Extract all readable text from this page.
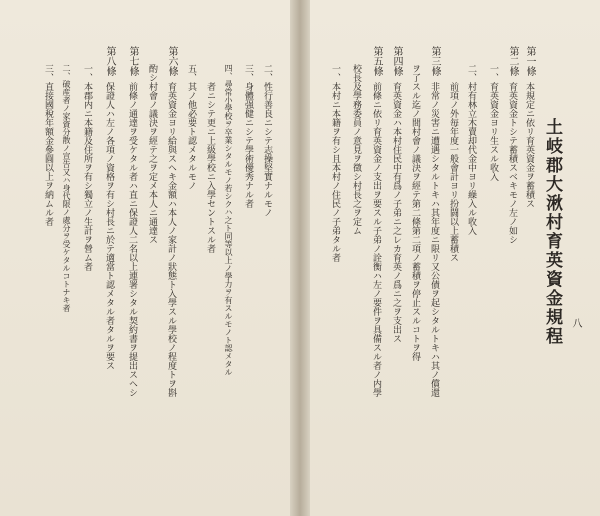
八
土岐郡大湫村育英資金規程
第一條
本規定ニ依リ育英資金ヲ蓄積ス
第二條
育英資金トシテ蓄積スベキモノ左ノ如シ
一、育英資金ヨリ生スル收入
二、村有林立木賣却代金中ヨリ繰入ル收入
前項ノ外毎年度一般會計ヨリ扮闘以上蓄積ス
第三條
非常ノ災害ニ遭遇シタルトキハ其年度ニ限リ又公債ヲ起シタルトキハ其ノ償還
ヲ了スル迄ノ間村會ノ議決ヲ經テ第二條第二項ノ蓄積ヲ停止スルコトヲ得
第四條
育英資金ハ本村住民中有爲ノ子弟ニ之レカ育英ノ爲ニ之ヲ支出ス
第五條
前條ニ依リ育英資金ノ支出ヲ要スル子弟ノ詮衡ハ左ノ要件ヲ具備スル者ノ内學
校長及學務委員ノ意見ヲ徴シ村長之ヲ定ム
一、本村ニ本籍ヲ有シ且本村ノ住民ノ子弟タル者
二、性行善良ニシテ志操堅實ナルモノ
三、身體强健ニシテ學術優秀ナル者
四、尋常小學校ヲ卒業シタルモノ若シクハ之ト同等以上ノ學力ヲ有スルモノト認メタル
者ニシテ更ニ上級學校ニ入學セントスル者
五、其ノ他必要ト認メタルモノ
第六條
育英資金ヨリ給與スヘキ金額ハ本人ノ家計ノ狀態ト入學スル學校ノ程度トヲ斟
酌シ村會ノ議決ヲ經テ之ヲ定メ本人ニ通達ス
第七條
前條ノ通達ヲ受ケタル者ハ直ニ保證人二名以上連署シタル契約書ヲ提出スヘシ
第八條
保證人ハ左ノ各項ノ資格ヲ有シ村長ニ於テ適當ト認メタル者タルヲ要ス
一、本郡内ニ本籍及住所ヲ有シ獨立ノ生計ヲ營ム者
二、破産者ノ家資分散ノ宣告又ハ身代限ノ處分ヲ受ケタルコトナキ者
三、直接國稅年額金參圓以上ヲ納ムル者
